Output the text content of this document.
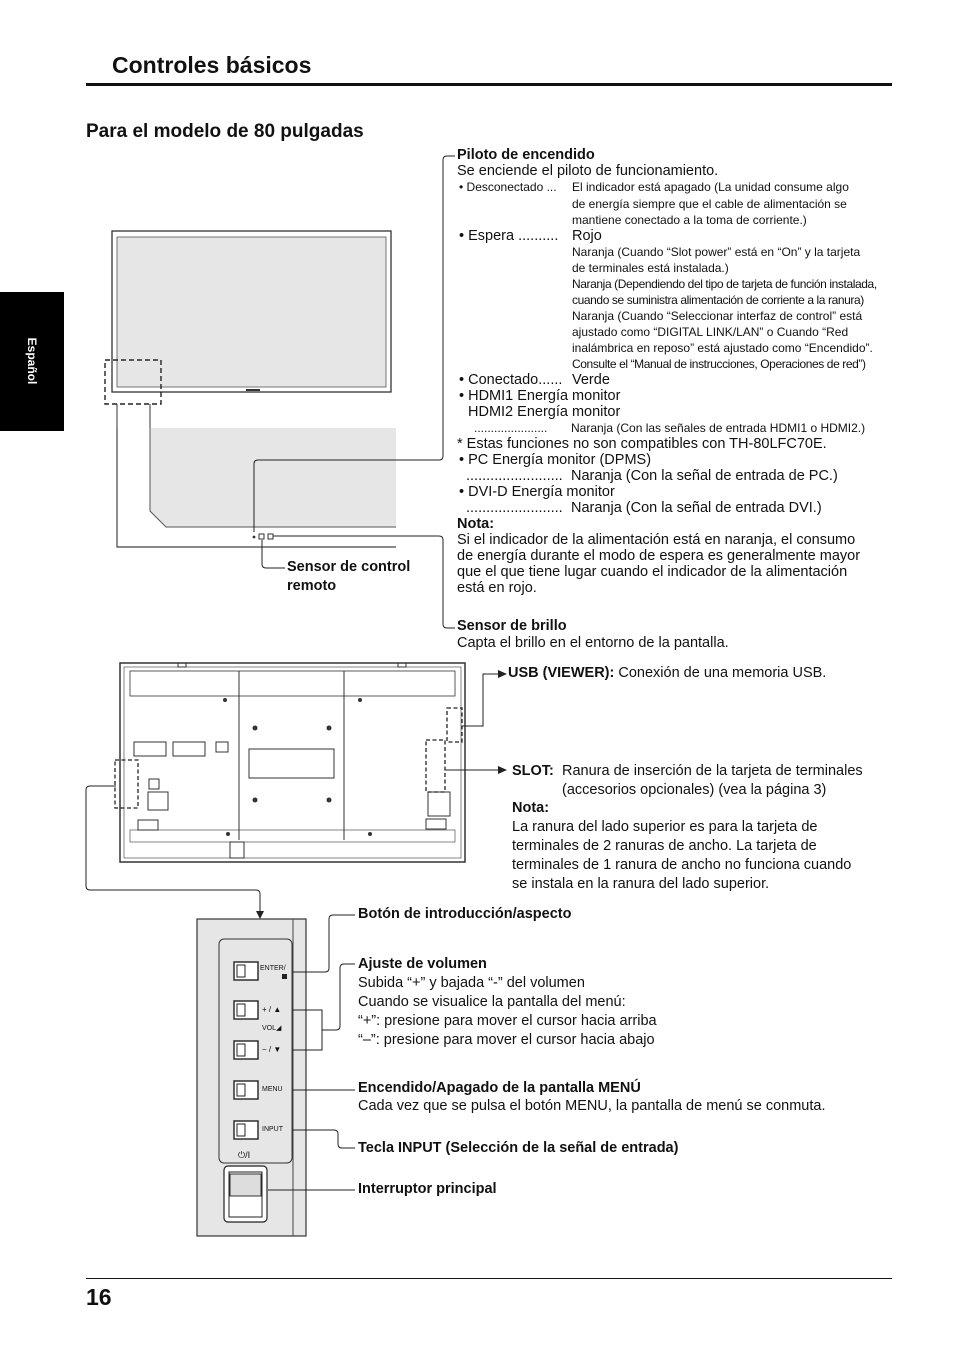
Controles básicos
Para el modelo de 80 pulgadas
Español
ENTER/
+ / ▲
VOL◢
− / ▼
MENU
INPUT
⏻/I
Piloto de encendido
Se enciende el piloto de funcionamiento.
• Desconectado ... El indicador está apagado (La unidad consume algo
de energía siempre que el cable de alimentación se
mantiene conectado a la toma de corriente.)
• Espera .......... Rojo
Naranja (Cuando “Slot power” está en “On” y la tarjeta
de terminales está instalada.)
Naranja (Dependiendo del tipo de tarjeta de función instalada,
cuando se suministra alimentación de corriente a la ranura)
Naranja (Cuando “Seleccionar interfaz de control” está
ajustado como “DIGITAL LINK/LAN” o Cuando “Red
inalámbrica en reposo” está ajustado como “Encendido”.
Consulte el “Manual de instrucciones, Operaciones de red”)
• Conectado...... Verde
• HDMI1 Energía monitor
HDMI2 Energía monitor
...................... Naranja (Con las señales de entrada HDMI1 o HDMI2.)
* Estas funciones no son compatibles con TH-80LFC70E.
• PC Energía monitor (DPMS)
........................ Naranja (Con la señal de entrada de PC.)
• DVI-D Energía monitor
........................ Naranja (Con la señal de entrada DVI.)
Nota:
Si el indicador de la alimentación está en naranja, el consumo
de energía durante el modo de espera es generalmente mayor
que el que tiene lugar cuando el indicador de la alimentación
está en rojo.
Sensor de control
remoto
Sensor de brillo
Capta el brillo en el entorno de la pantalla.
USB (VIEWER): Conexión de una memoria USB.
SLOT: Ranura de inserción de la tarjeta de terminales
(accesorios opcionales) (vea la página 3)
Nota:
La ranura del lado superior es para la tarjeta de
terminales de 2 ranuras de ancho. La tarjeta de
terminales de 1 ranura de ancho no funciona cuando
se instala en la ranura del lado superior.
Botón de introducción/aspecto
Ajuste de volumen
Subida “+” y bajada “-” del volumen
Cuando se visualice la pantalla del menú:
“+”: presione para mover el cursor hacia arriba
“–”: presione para mover el cursor hacia abajo
Encendido/Apagado de la pantalla MENÚ
Cada vez que se pulsa el botón MENU, la pantalla de menú se conmuta.
Tecla INPUT (Selección de la señal de entrada)
Interruptor principal
16
